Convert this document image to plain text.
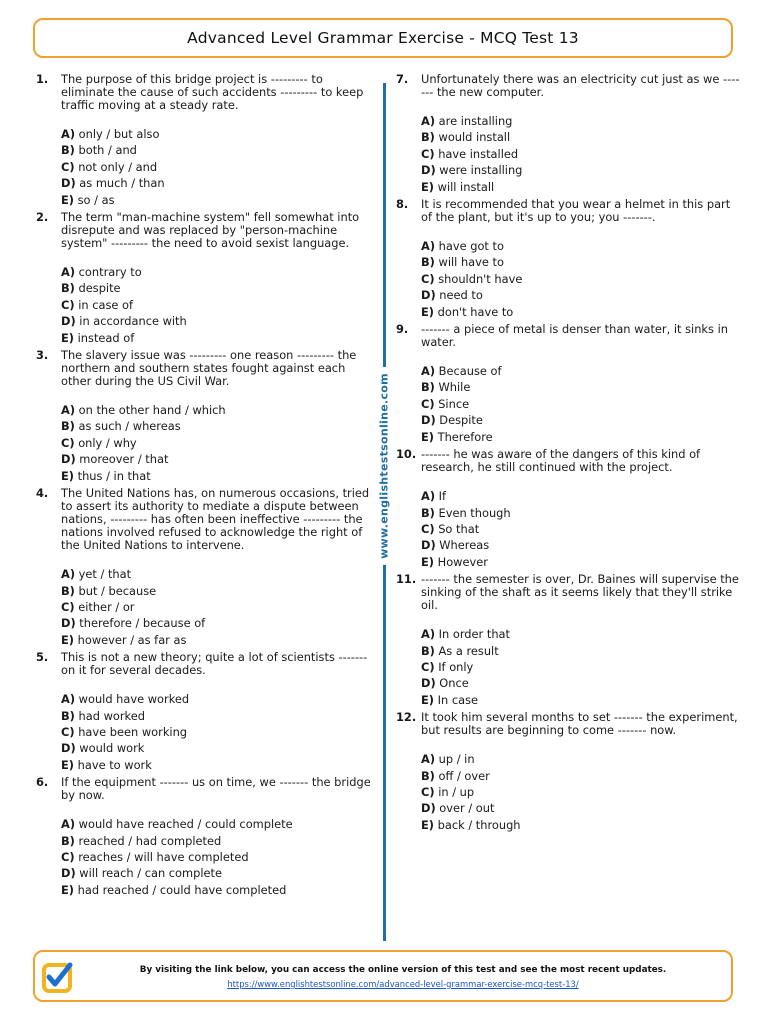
Advanced Level Grammar Exercise - MCQ Test 13
1.	The purpose of this bridge project is --------- to eliminate the cause of such accidents --------- to keep traffic moving at a steady rate.
A) only / but also
B) both / and
C) not only / and
D) as much / than
E) so / as
2.	The term "man-machine system" fell somewhat into disrepute and was replaced by "person-machine system" --------- the need to avoid sexist language.
A) contrary to
B) despite
C) in case of
D) in accordance with
E) instead of
3.	The slavery issue was --------- one reason --------- the northern and southern states fought against each other during the US Civil War.
A) on the other hand / which
B) as such / whereas
C) only / why
D) moreover / that
E) thus / in that
4.	The United Nations has, on numerous occasions, tried to assert its authority to mediate a dispute between nations, --------- has often been ineffective --------- the nations involved refused to acknowledge the right of the United Nations to intervene.
A) yet / that
B) but / because
C) either / or
D) therefore / because of
E) however / as far as
5.	This is not a new theory; quite a lot of scientists ------- on it for several decades.
A) would have worked
B) had worked
C) have been working
D) would work
E) have to work
6.	If the equipment ------- us on time, we ------- the bridge by now.
A) would have reached / could complete
B) reached / had completed
C) reaches / will have completed
D) will reach / can complete
E) had reached / could have completed
www.englishtestsonline.com
7.	Unfortunately there was an electricity cut just as we ------- the new computer.
A) are installing
B) would install
C) have installed
D) were installing
E) will install
8.	It is recommended that you wear a helmet in this part of the plant, but it's up to you; you -------.
A) have got to
B) will have to
C) shouldn't have
D) need to
E) don't have to
9.	------- a piece of metal is denser than water, it sinks in water.
A) Because of
B) While
C) Since
D) Despite
E) Therefore
10. ------- he was aware of the dangers of this kind of research, he still continued with the project.
A) If
B) Even though
C) So that
D) Whereas
E) However
11. ------- the semester is over, Dr. Baines will supervise the sinking of the shaft as it seems likely that they'll strike oil.
A) In order that
B) As a result
C) If only
D) Once
E) In case
12. It took him several months to set ------- the experiment, but results are beginning to come ------- now.
A) up / in
B) off / over
C) in / up
D) over / out
E) back / through
By visiting the link below, you can access the online version of this test and see the most recent updates.
https://www.englishtestsonline.com/advanced-level-grammar-exercise-mcq-test-13/
